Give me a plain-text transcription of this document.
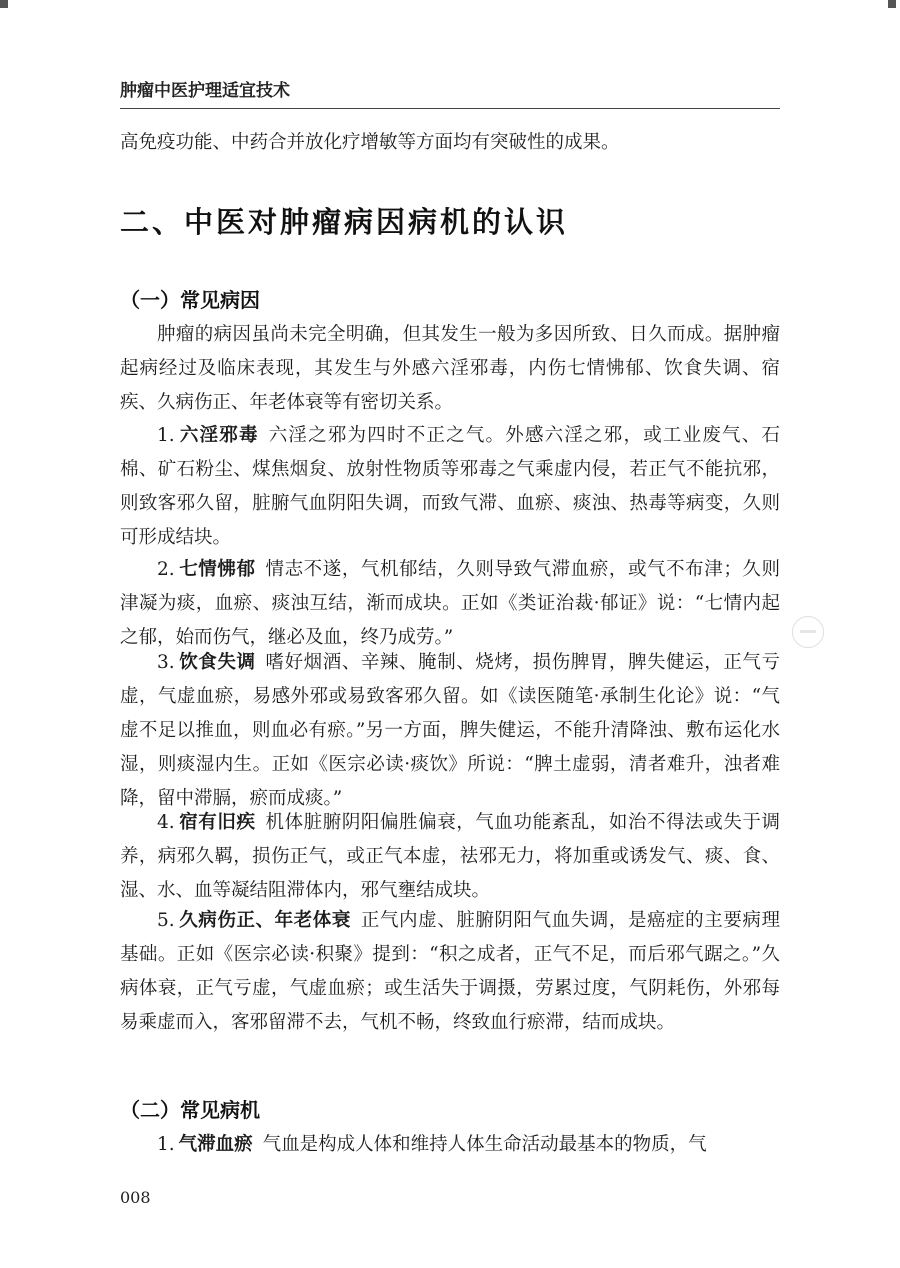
肿瘤中医护理适宜技术
高免疫功能、中药合并放化疗增敏等方面均有突破性的成果。
二、中医对肿瘤病因病机的认识
（一）常见病因
肿瘤的病因虽尚未完全明确，但其发生一般为多因所致、日久而成。据肿瘤起病经过及临床表现，其发生与外感六淫邪毒，内伤七情怫郁、饮食失调、宿疾、久病伤正、年老体衰等有密切关系。
1. 六淫邪毒 六淫之邪为四时不正之气。外感六淫之邪，或工业废气、石棉、矿石粉尘、煤焦烟炱、放射性物质等邪毒之气乘虚内侵，若正气不能抗邪，则致客邪久留，脏腑气血阴阳失调，而致气滞、血瘀、痰浊、热毒等病变，久则可形成结块。
2. 七情怫郁 情志不遂，气机郁结，久则导致气滞血瘀，或气不布津；久则津凝为痰，血瘀、痰浊互结，渐而成块。正如《类证治裁·郁证》说：“七情内起之郁，始而伤气，继必及血，终乃成劳。”
3. 饮食失调 嗜好烟酒、辛辣、腌制、烧烤，损伤脾胃，脾失健运，正气亏虚，气虚血瘀，易感外邪或易致客邪久留。如《读医随笔·承制生化论》说：“气虚不足以推血，则血必有瘀。”另一方面，脾失健运，不能升清降浊、敷布运化水湿，则痰湿内生。正如《医宗必读·痰饮》所说：“脾土虚弱，清者难升，浊者难降，留中滞膈，瘀而成痰。”
4. 宿有旧疾 机体脏腑阴阳偏胜偏衰，气血功能紊乱，如治不得法或失于调养，病邪久羁，损伤正气，或正气本虚，祛邪无力，将加重或诱发气、痰、食、湿、水、血等凝结阻滞体内，邪气壅结成块。
5. 久病伤正、年老体衰 正气内虚、脏腑阴阳气血失调，是癌症的主要病理基础。正如《医宗必读·积聚》提到：“积之成者，正气不足，而后邪气踞之。”久病体衰，正气亏虚，气虚血瘀；或生活失于调摄，劳累过度，气阴耗伤，外邪每易乘虚而入，客邪留滞不去，气机不畅，终致血行瘀滞，结而成块。
（二）常见病机
1. 气滞血瘀 气血是构成人体和维持人体生命活动最基本的物质，气
008
